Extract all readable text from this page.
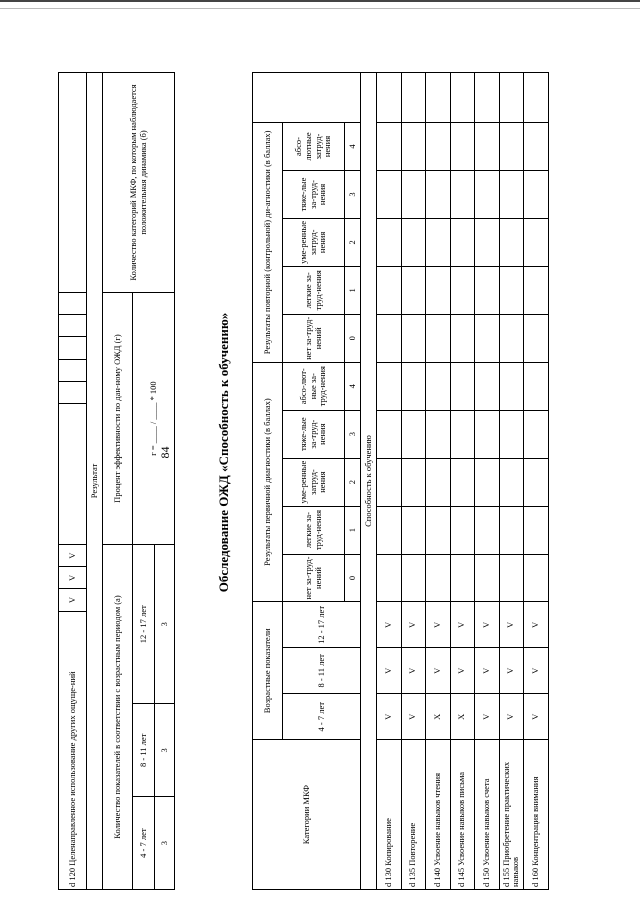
84
d 120 Целенаправленное использование других ощуще-ний			V	V	V							
Результат												
Количество показателей в соответствии с возрастным периодом (а)						Процент эффективности по дан-ному ОЖД (г)						Количество категорий МКФ, по которым наблюдается положительная динамика (б)
4 - 7 лет	8 - 11 лет	12 - 17 лет				г = ____ / ____ * 100						
3	3	3										
Обследование ОЖД «Способность к обучению»
Категории МКФ	Возрастные показатели			Результаты первичной диагностики (в баллах)					Результаты повторной (контрольной) ди-агностики (в баллах)					
	4 - 7 лет	8 - 11 лет	12 - 17 лет	нет за-труд-нений	легкие за-труд-нения	уме-ренные затруд-нения	тяже-лые за-труд-нения	абсо-лют-ные за-труд-нения	нет за-труд-нений	легкие за-труд-нения	уме-ренные затруд-нения	тяже-лые за-труд-нения	абсо-лютные затруд-нения	
				0	1	2	3	4	0	1	2	3	4	
Способность к обучению														
d 130 Копирование	V	V	V											
d 135 Повторение	V	V	V											
d 140 Усвоение навыков чтения	X	V	V											
d 145 Усвоение навыков письма	X	V	V											
d 150 Усвоение навыков счета	V	V	V											
d 155 Приобретение практических навыков	V	V	V											
d 160 Концентрация внимания	V	V	V											
